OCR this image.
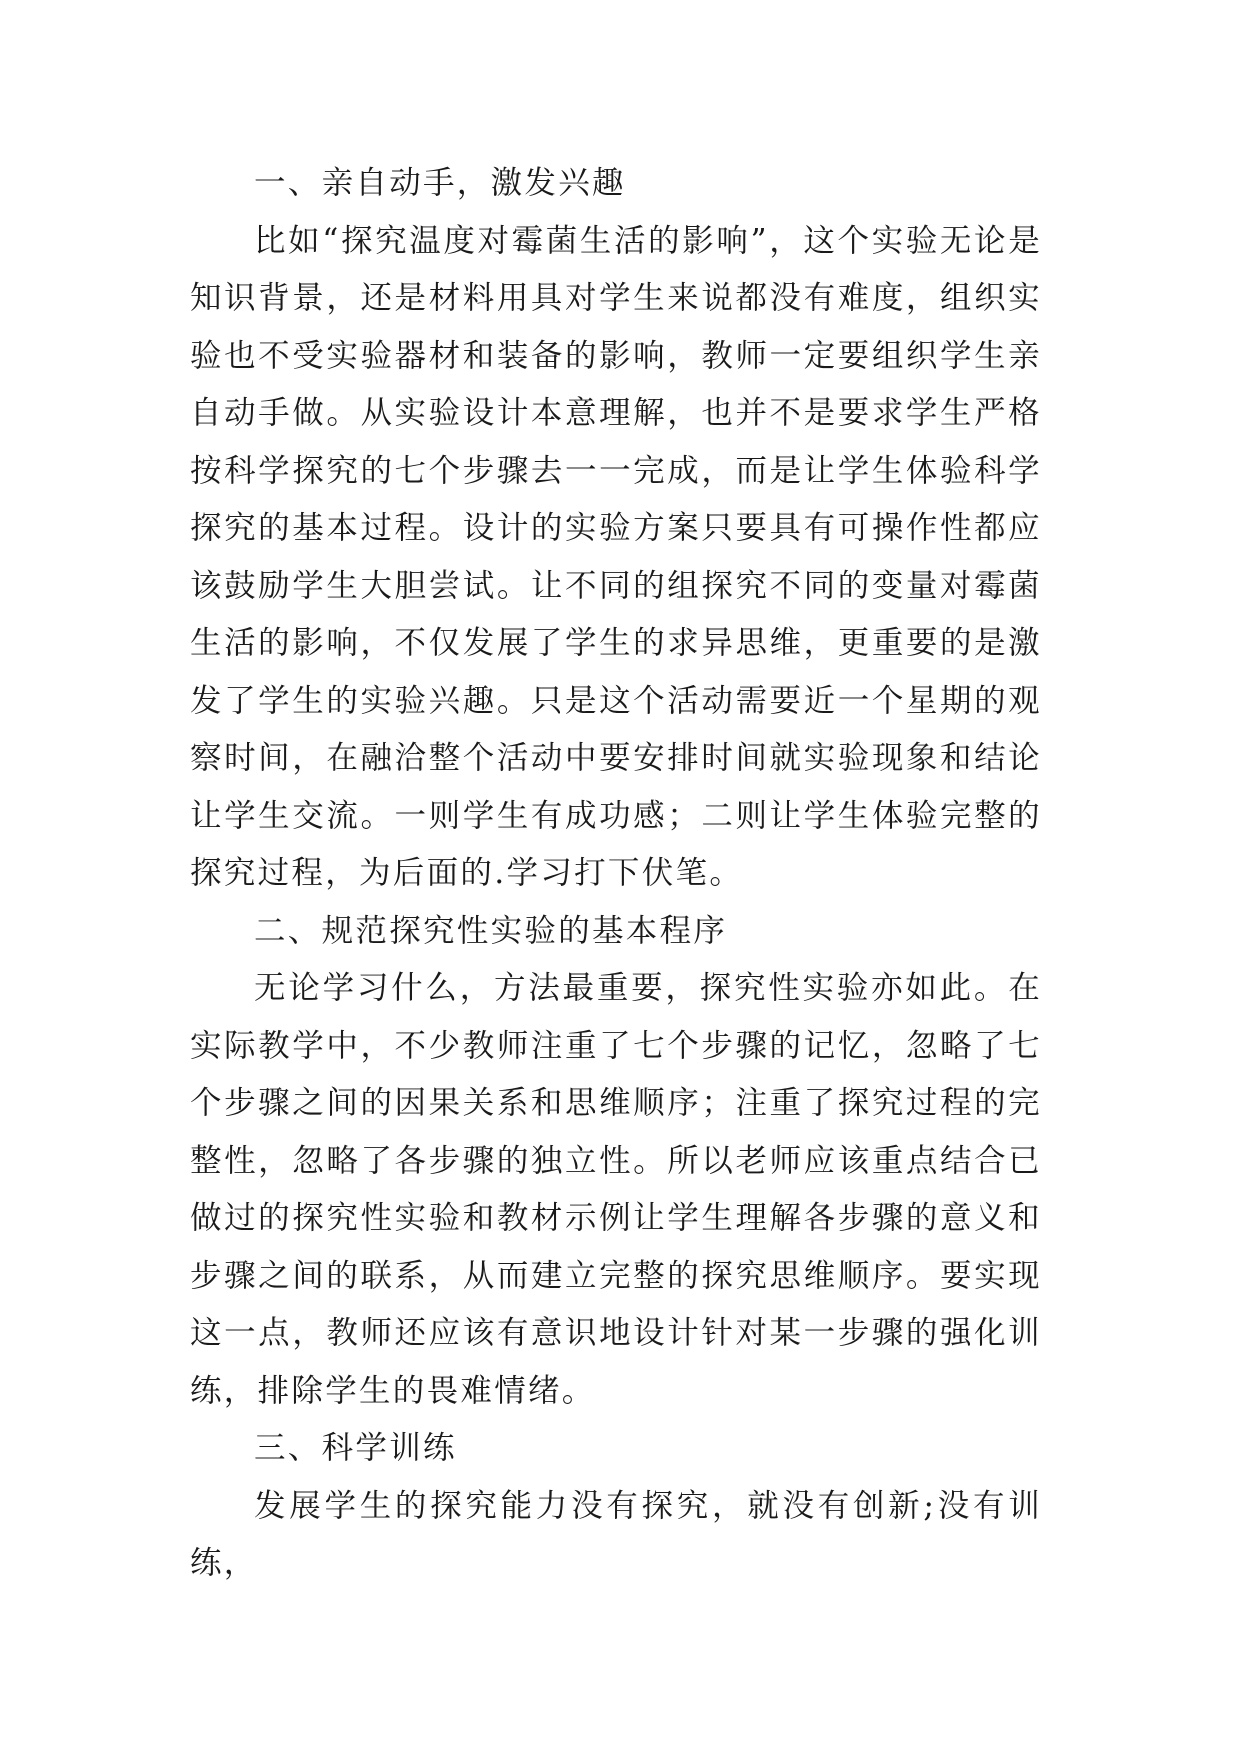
一、亲自动手，激发兴趣

比如“探究温度对霉菌生活的影响”，这个实验无论是知识背景，还是材料用具对学生来说都没有难度，组织实验也不受实验器材和装备的影响，教师一定要组织学生亲自动手做。从实验设计本意理解，也并不是要求学生严格按科学探究的七个步骤去一一完成，而是让学生体验科学探究的基本过程。设计的实验方案只要具有可操作性都应该鼓励学生大胆尝试。让不同的组探究不同的变量对霉菌生活的影响，不仅发展了学生的求异思维，更重要的是激发了学生的实验兴趣。只是这个活动需要近一个星期的观察时间，在融洽整个活动中要安排时间就实验现象和结论让学生交流。一则学生有成功感；二则让学生体验完整的探究过程，为后面的.学习打下伏笔。

二、规范探究性实验的基本程序

无论学习什么，方法最重要，探究性实验亦如此。在实际教学中，不少教师注重了七个步骤的记忆，忽略了七个步骤之间的因果关系和思维顺序；注重了探究过程的完整性，忽略了各步骤的独立性。所以老师应该重点结合已做过的探究性实验和教材示例让学生理解各步骤的意义和步骤之间的联系，从而建立完整的探究思维顺序。要实现这一点，教师还应该有意识地设计针对某一步骤的强化训练，排除学生的畏难情绪。

三、科学训练

发展学生的探究能力没有探究，就没有创新;没有训练，
